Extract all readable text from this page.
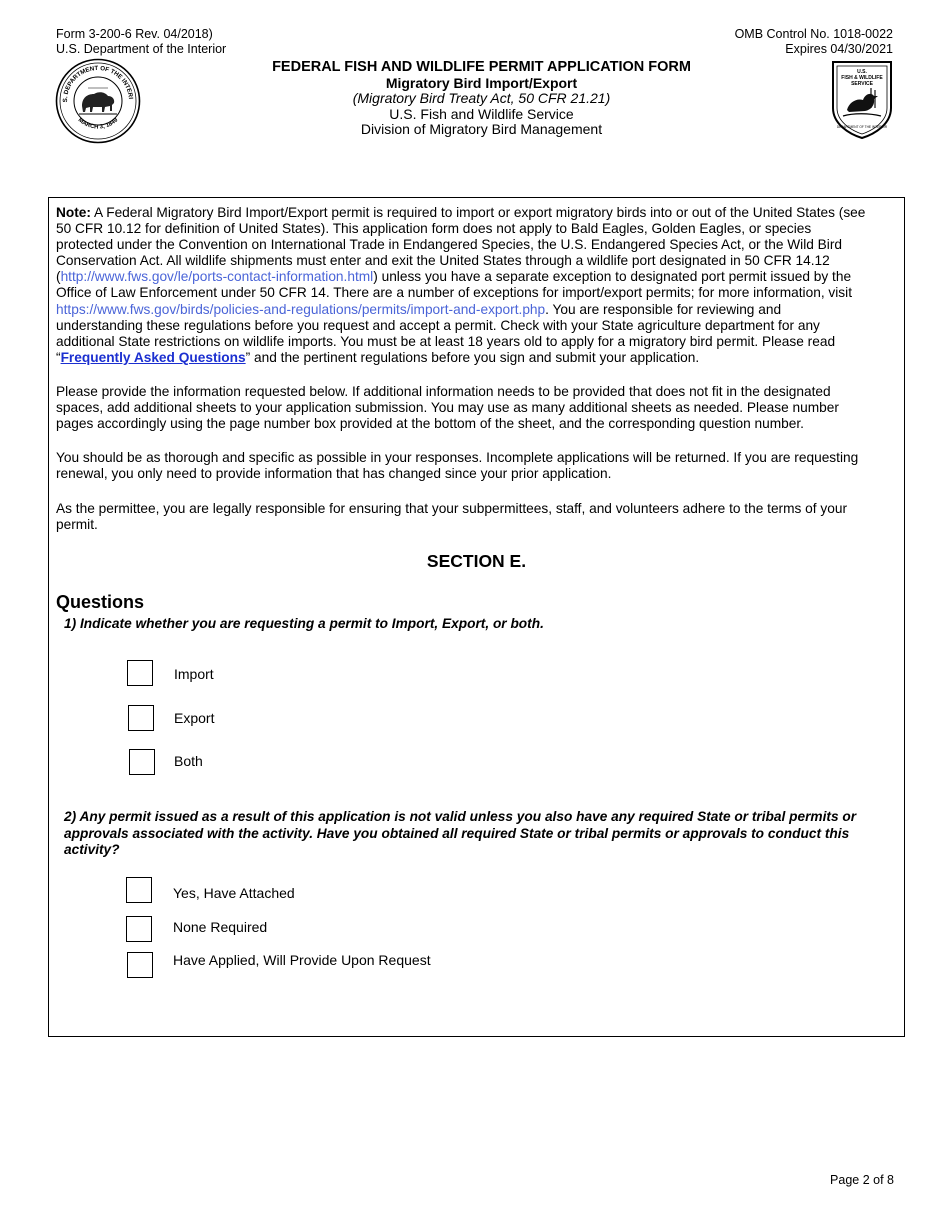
Form 3-200-6 Rev. 04/2018)
U.S. Department of the Interior
OMB Control No. 1018-0022
Expires 04/30/2021
S. DEPARTMENT OF THE INTERI
MARCH 3, 1849
U.S.
FISH & WILDLIFE
SERVICE
DEPARTMENT OF THE INTERIOR
FEDERAL FISH AND WILDLIFE PERMIT APPLICATION FORM
Migratory Bird Import/Export
(Migratory Bird Treaty Act, 50 CFR 21.21)
U.S. Fish and Wildlife Service
Division of Migratory Bird Management
Note: A Federal Migratory Bird Import/Export permit is required to import or export migratory birds into or out of the United States (see 50 CFR 10.12 for definition of United States). This application form does not apply to Bald Eagles, Golden Eagles, or species protected under the Convention on International Trade in Endangered Species, the U.S. Endangered Species Act, or the Wild Bird Conservation Act. All wildlife shipments must enter and exit the United States through a wildlife port designated in 50 CFR 14.12 (http://www.fws.gov/le/ports-contact-information.html) unless you have a separate exception to designated port permit issued by the Office of Law Enforcement under 50 CFR 14. There are a number of exceptions for import/export permits; for more information, visit https://www.fws.gov/birds/policies-and-regulations/permits/import-and-export.php. You are responsible for reviewing and understanding these regulations before you request and accept a permit. Check with your State agriculture department for any additional State restrictions on wildlife imports. You must be at least 18 years old to apply for a migratory bird permit. Please read “Frequently Asked Questions” and the pertinent regulations before you sign and submit your application.
Please provide the information requested below. If additional information needs to be provided that does not fit in the designated spaces, add additional sheets to your application submission. You may use as many additional sheets as needed. Please number pages accordingly using the page number box provided at the bottom of the sheet, and the corresponding question number.
You should be as thorough and specific as possible in your responses. Incomplete applications will be returned. If you are requesting renewal, you only need to provide information that has changed since your prior application.
As the permittee, you are legally responsible for ensuring that your subpermittees, staff, and volunteers adhere to the terms of your permit.
SECTION E.
Questions
1) Indicate whether you are requesting a permit to Import, Export, or both.
Import
Export
Both
2) Any permit issued as a result of this application is not valid unless you also have any required State or tribal permits or approvals associated with the activity. Have you obtained all required State or tribal permits or approvals to conduct this activity?
Yes, Have Attached
None Required
Have Applied, Will Provide Upon Request
Page 2 of 8
